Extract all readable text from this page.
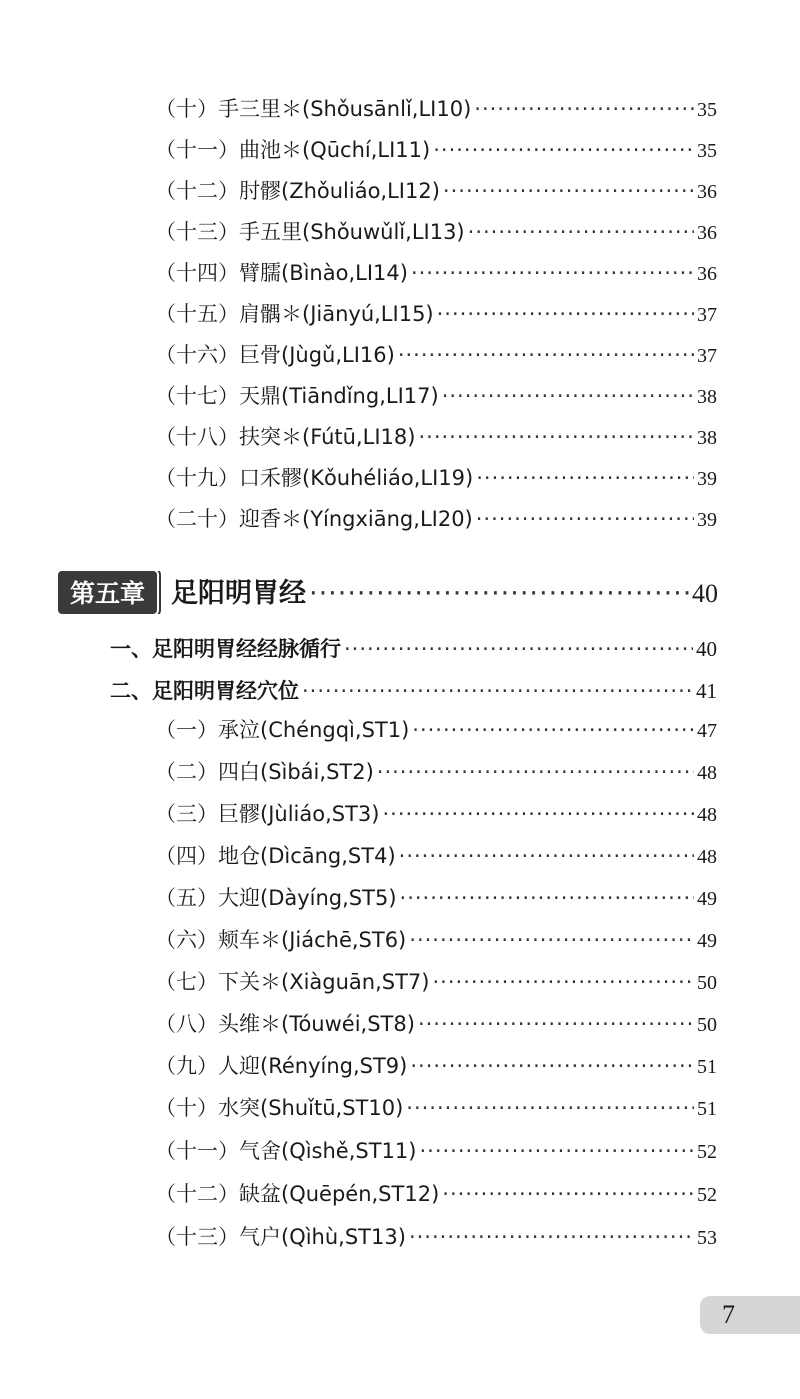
（十）手三里＊(Shǒusānlǐ,LI10) ·····	35
（十一）曲池＊(Qūchí,LI11) ·····	35
（十二）肘髎(Zhǒuliáo,LI12) ·····	36
（十三）手五里(Shǒuwǔlǐ,LI13) ·····	36
（十四）臂臑(Bìnào,LI14) ·····	36
（十五）肩髃＊(Jiānyú,LI15) ·····	37
（十六）巨骨(Jùgǔ,LI16) ·····	37
（十七）天鼎(Tiāndǐng,LI17) ·····	38
（十八）扶突＊(Fútū,LI18) ·····	38
（十九）口禾髎(Kǒuhéliáo,LI19) ·····	39
（二十）迎香＊(Yíngxiāng,LI20) ·····	39
第五章 足阳明胃经 ·····	40
一、足阳明胃经经脉循行 ·····	40
二、足阳明胃经穴位 ·····	41
（一）承泣(Chéngqì,ST1) ·····	47
（二）四白(Sìbái,ST2) ·····	48
（三）巨髎(Jùliáo,ST3) ·····	48
（四）地仓(Dìcāng,ST4) ·····	48
（五）大迎(Dàyíng,ST5) ·····	49
（六）颊车＊(Jiáchē,ST6) ·····	49
（七）下关＊(Xiàguān,ST7) ·····	50
（八）头维＊(Tóuwéi,ST8) ·····	50
（九）人迎(Rényíng,ST9) ·····	51
（十）水突(Shuǐtū,ST10) ·····	51
（十一）气舍(Qìshě,ST11) ·····	52
（十二）缺盆(Quēpén,ST12) ·····	52
（十三）气户(Qìhù,ST13) ·····	53
7
